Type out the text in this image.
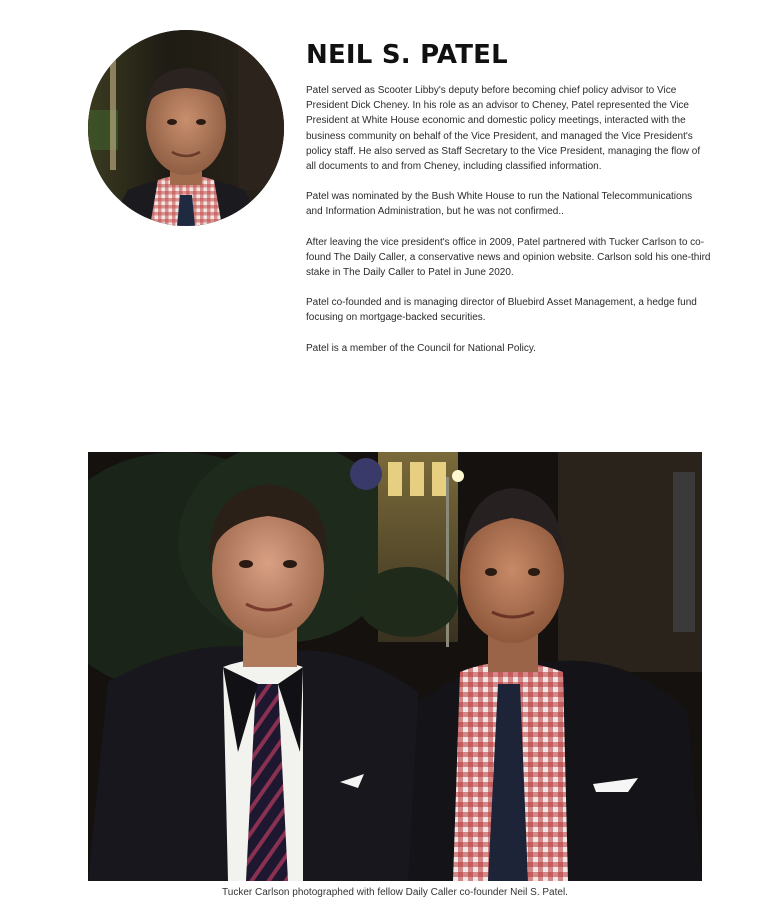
NEIL S. PATEL

Patel served as Scooter Libby's deputy before becoming chief policy advisor to Vice President Dick Cheney. In his role as an advisor to Cheney, Patel represented the Vice President at White House economic and domestic policy meetings, interacted with the business community on behalf of the Vice President, and managed the Vice President's policy staff. He also served as Staff Secretary to the Vice President, managing the flow of all documents to and from Cheney, including classified information.

Patel was nominated by the Bush White House to run the National Telecommunications and Information Administration, but he was not confirmed..

After leaving the vice president's office in 2009, Patel partnered with Tucker Carlson to co-found The Daily Caller, a conservative news and opinion website. Carlson sold his one-third stake in The Daily Caller to Patel in June 2020.

Patel co-founded and is managing director of Bluebird Asset Management, a hedge fund focusing on mortgage-backed securities.

Patel is a member of the Council for National Policy.

Tucker Carlson photographed with fellow Daily Caller co-founder Neil S. Patel.
